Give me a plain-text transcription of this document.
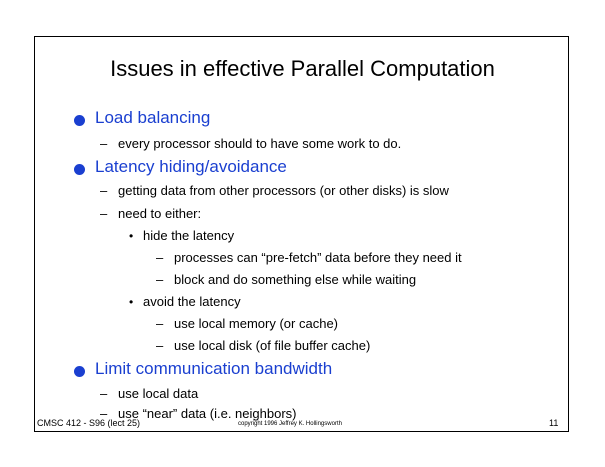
Issues in effective Parallel Computation
Load balancing
– every processor should to have some work to do.
Latency hiding/avoidance
– getting data from other processors (or other disks) is slow
– need to either:
• hide the latency
– processes can “pre-fetch” data before they need it
– block and do something else while waiting
• avoid the latency
– use local memory (or cache)
– use local disk (of file buffer cache)
Limit communication bandwidth
– use local data
– use “near” data (i.e. neighbors)
CMSC 412 - S96 (lect 25)	copyright 1996 Jeffrey K. Hollingsworth	11
